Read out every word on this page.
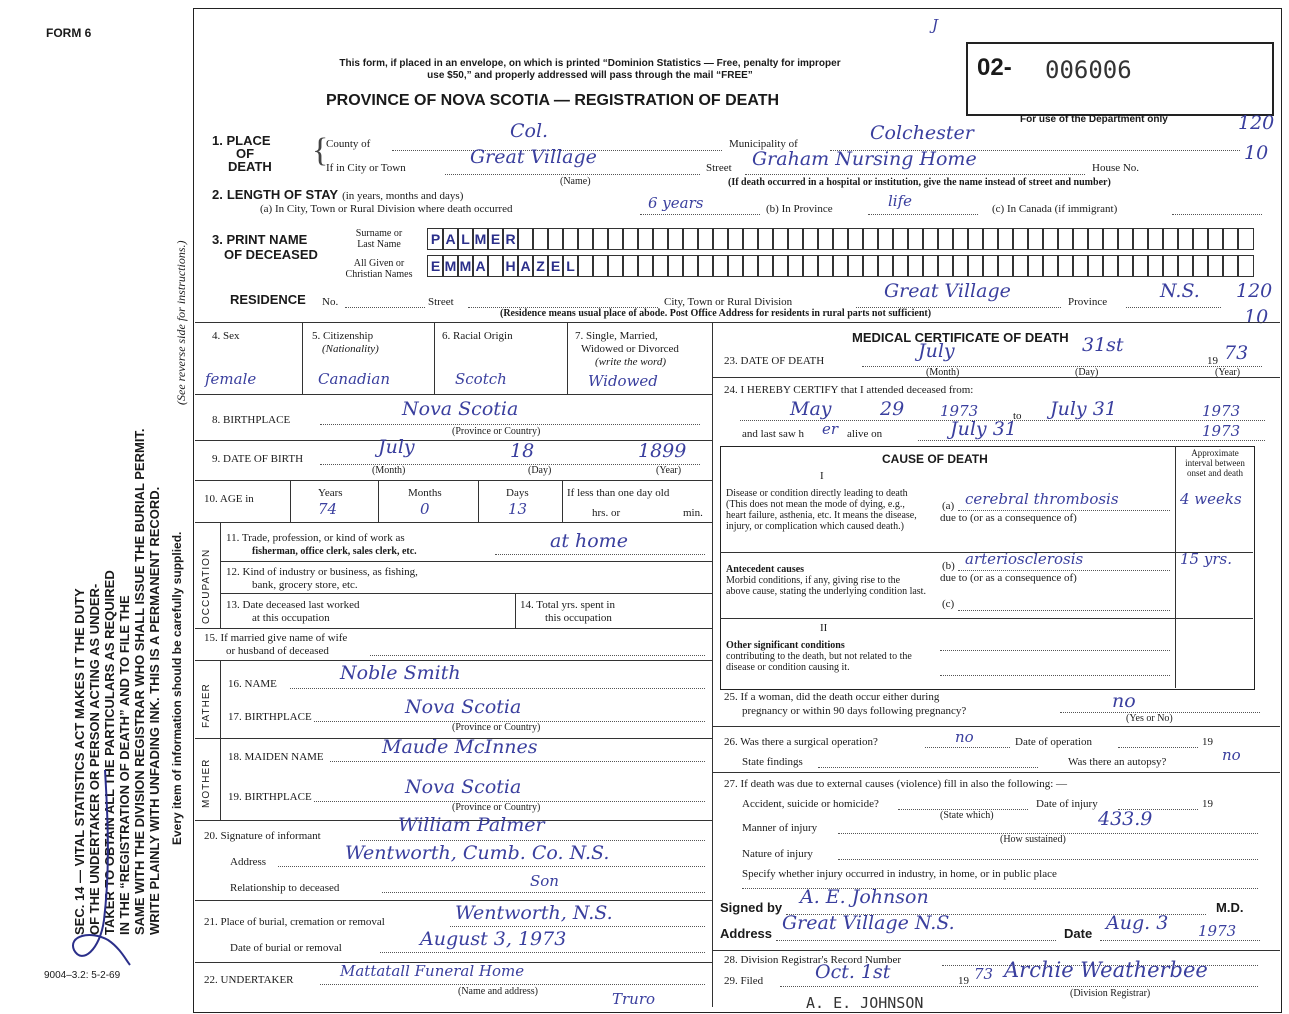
FORM 6
SEC. 14 — VITAL STATISTICS ACT MAKES IT THE DUTY OF THE UNDERTAKER OR PERSON ACTING AS UNDER- TAKER TO OBTAIN ALL THE PARTICULARS AS REQUIRED IN THE “REGISTRATION OF DEATH” AND TO FILE THE SAME WITH THE DIVISION REGISTRAR WHO SHALL ISSUE THE BURIAL PERMIT. WRITE PLAINLY WITH UNFADING INK. THIS IS A PERMANENT RECORD. Every item of information should be carefully supplied.
(See reverse side for instructions.)
9004–3.2: 5-2-69
This form, if placed in an envelope, on which is printed “Dominion Statistics — Free, penalty for improper
use $50,” and properly addressed will pass through the mail “FREE”
PROVINCE OF NOVA SCOTIA — REGISTRATION OF DEATH
02- 006006
For use of the Department only
J
1. PLACE
OF
DEATH
County of
Col.
Municipality of	Colchester	120
If in City or Town	Great Village
(Name)
Street Graham Nursing Home	House No.
10
(If death occurred in a hospital or institution, give the name instead of street and number)
2. LENGTH OF STAY (in years, months and days)
(a) In City, Town or Rural Division where death occurred	6 years	(b) In Province	life	(c) In Canada (if immigrant)
3. PRINT NAME
OF DECEASED
Surname or
Last Name
All Given or
Christian Names
P A L M E R
E M M A H A Z E L
RESIDENCE No.	Street	City, Town or Rural Division	Great Village	Province	N.S. 120
10
(Residence means usual place of abode. Post Office Address for residents in rural parts not sufficient)
{
4. Sex
female
5. Citizenship
(Nationality)
Canadian
6. Racial Origin
Scotch
7. Single, Married,
Widowed or Divorced
(write the word)
Widowed
8. BIRTHPLACE	Nova Scotia
(Province or Country)
9. DATE OF BIRTH
July	18	1899
(Month)	(Day)	(Year)
10. AGE in	Years
74
Months
0
Days
13
If less than one day old
hrs. or	min.
OCCUPATION
11. Trade, profession, or kind of work as
fisherman, office clerk, sales clerk, etc.	at home
12. Kind of industry or business, as fishing,
bank, grocery store, etc.
13. Date deceased last worked
at this occupation
14. Total yrs. spent in
this occupation
15. If married give name of wife
or husband of deceased
FATHER 16. NAME	Noble Smith
17. BIRTHPLACE	Nova Scotia
(Province or Country)
MOTHER
18. MAIDEN NAME	Maude McInnes
19. BIRTHPLACE	Nova Scotia
(Province or Country)
20. Signature of informant	William Palmer
Address	Wentworth, Cumb. Co. N.S.
Relationship to deceased	Son
21. Place of burial, cremation or removal	Wentworth, N.S.
Date of burial or removal	August 3, 1973
22. UNDERTAKER	Mattatall Funeral Home
Truro
(Name and address)
MEDICAL CERTIFICATE OF DEATH
23. DATE OF DEATH	July	31st
19 73
(Month)	(Day)	(Year)
24. I HEREBY CERTIFY that I attended deceased from:
May	29 1973	to July 31	1973
and last saw h er alive on	July 31	1973
CAUSE OF DEATH	Approximate interval between onset and death
I
Disease or condition directly leading to death (This does not mean the mode of dying, e.g., heart failure, asthenia, etc. It means the disease, injury, or complication which caused death.)
(a) cerebral thrombosis	4 weeks
due to (or as a consequence of)
Antecedent causes
Morbid conditions, if any, giving rise to the above cause, stating the underlying condition last.
(b) arteriosclerosis	15 yrs.
due to (or as a consequence of)
(c)
II
Other significant conditions
contributing to the death, but not related to the disease or condition causing it.
25. If a woman, did the death occur either during
pregnancy or within 90 days following pregnancy?	no
(Yes or No)
26. Was there a surgical operation?	no	Date of operation	19
State findings	Was there an autopsy?	no
27. If death was due to external causes (violence) fill in also the following: —
Accident, suicide or homicide?	Date of injury	19
(State which)
Manner of injury	433.9
(How sustained)
Nature of injury
Specify whether injury occurred in industry, in home, or in public place
Signed by A. E. Johnson	M.D.
Address Great Village N.S.	Date Aug. 3 1973
28. Division Registrar's Record Number
29. Filed	Oct. 1st	19 73 Archie Weatherbee
(Division Registrar)
A. E. JOHNSON
